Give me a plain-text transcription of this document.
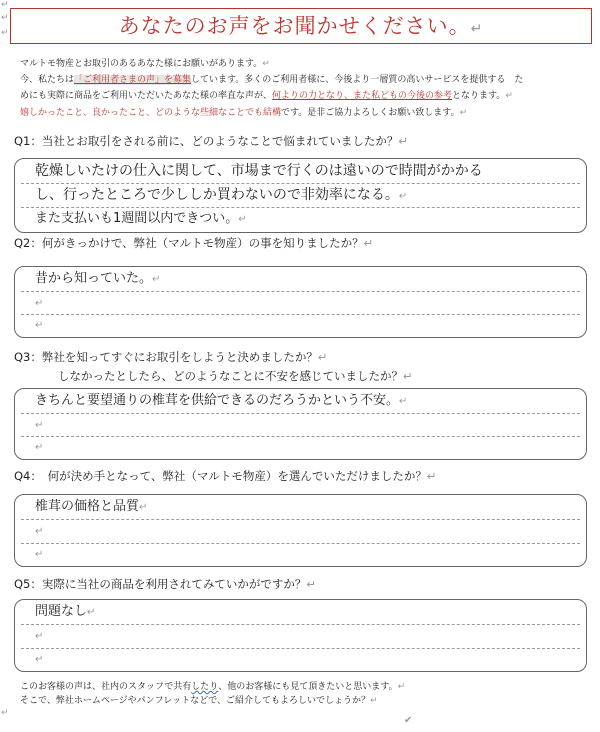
↵
↵
↵
↵
あなたのお声をお聞かせください。↵
マルトモ物産とお取引のあるあなた様にお願いがあります。↵
今、私たちは「ご利用者さまの声」を募集しています。多くのご利用者様に、今後より一層質の高いサービスを提供する　た
めにも実際に商品をご利用いただいたあなた様の率直な声が、何よりの力となり、また私どもの今後の参考となります。↵
嬉しかったこと、良かったこと、どのような些細なことでも結構です。是非ご協力よろしくお願い致します。↵
Q1：当社とお取引をされる前に、どのようなことで悩まれていましたか？↵
乾燥しいたけの仕入に関して、市場まで行くのは遠いので時間がかかる
し、行ったところで少ししか買わないので非効率になる。↵
また支払いも1週間以内できつい。↵
Q2：何がきっかけで、弊社（マルトモ物産）の事を知りましたか？↵
昔から知っていた。↵
↵
↵
Q3：弊社を知ってすぐにお取引をしようと決めましたか？↵
しなかったとしたら、どのようなことに不安を感じていましたか？↵
きちんと要望通りの椎茸を供給できるのだろうかという不安。↵
↵
↵
Q4：　何が決め手となって、弊社（マルトモ物産）を選んでいただけましたか？↵
椎茸の価格と品質↵
↵
↵
Q5：実際に当社の商品を利用されてみていかがですか？↵
問題なし↵
↵
↵
このお客様の声は、社内のスタッフで共有したり、他のお客様にも見て頂きたいと思います。↵
そこで、弊社ホームページやパンフレットなどで、ご紹介してもよろしいでしょうか？↵
✔
